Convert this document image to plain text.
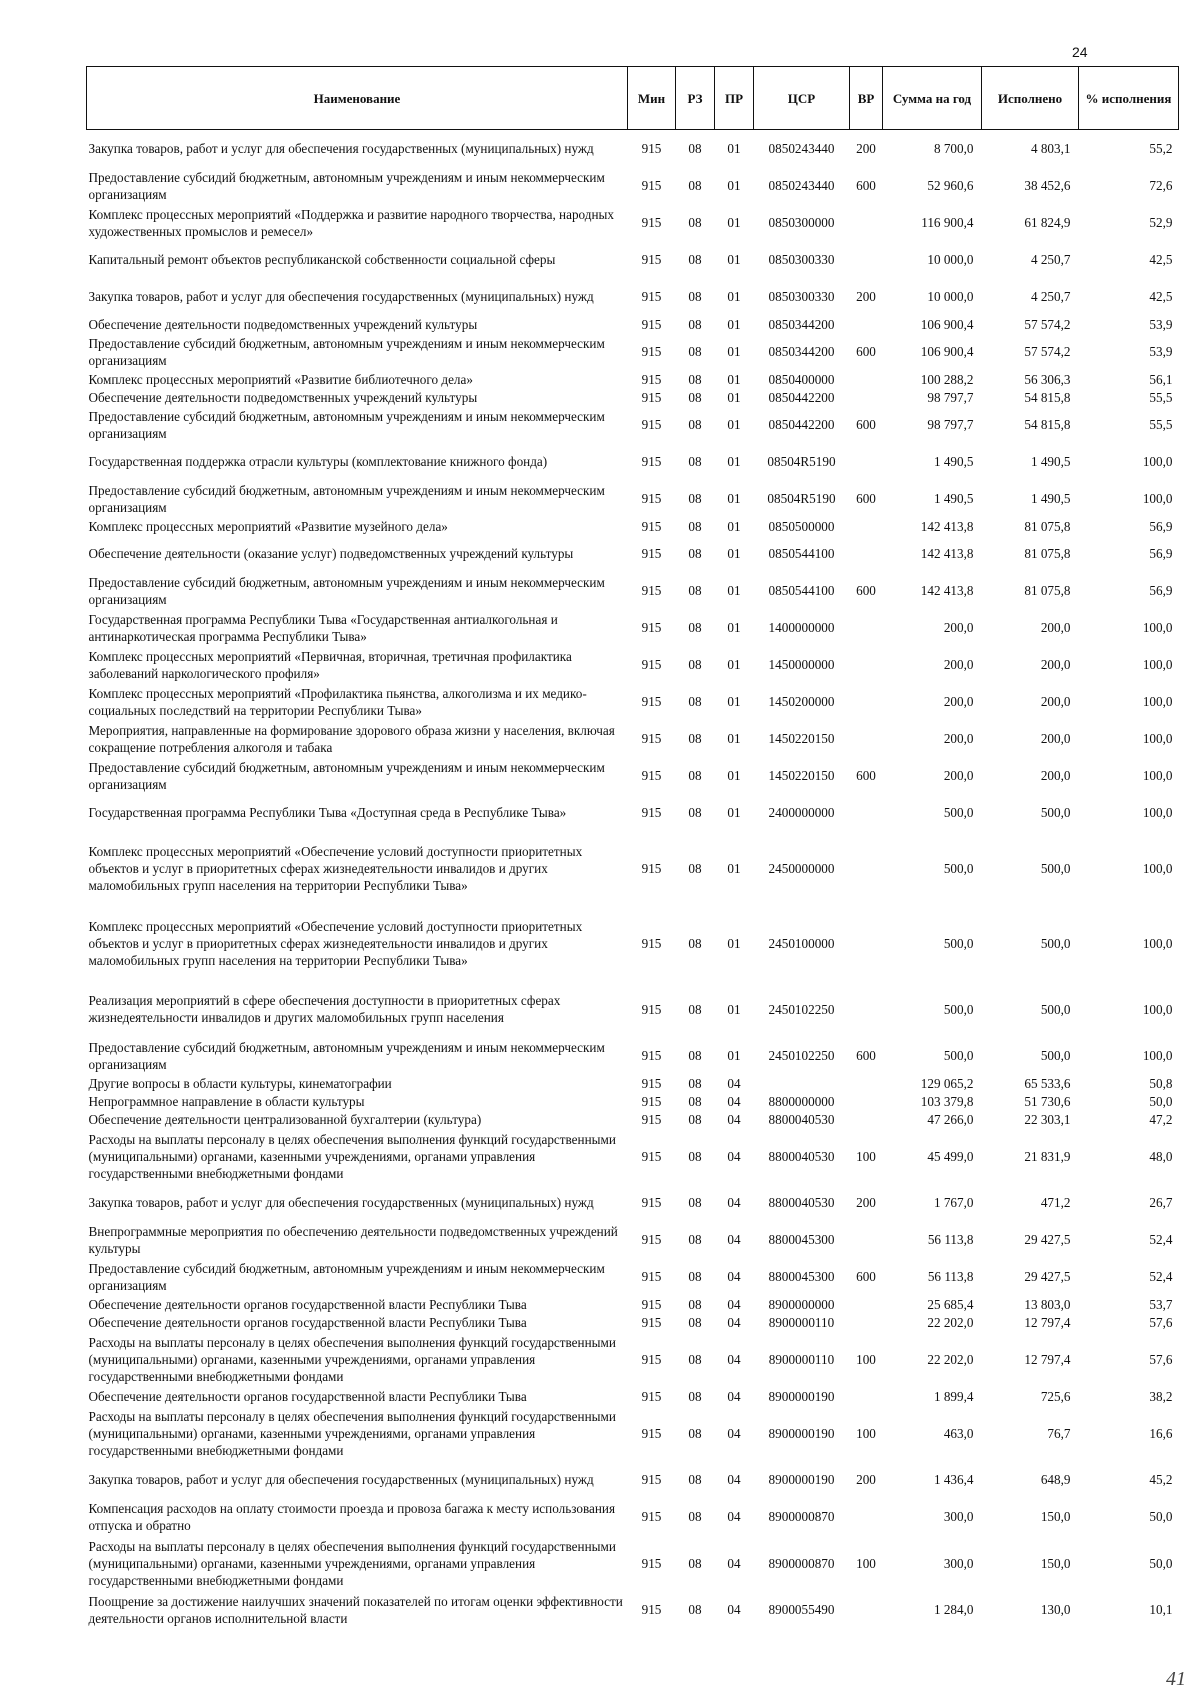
24
Наименование	Мин	РЗ	ПР	ЦСР	ВР	Сумма на год	Исполнено	% исполнения
Закупка товаров, работ и услуг для обеспечения государственных (муниципальных) нужд	915	08	01	0850243440	200	8 700,0	4 803,1	55,2
Предоставление субсидий бюджетным, автономным учреждениям и иным некоммерческим организациям	915	08	01	0850243440	600	52 960,6	38 452,6	72,6
Комплекс процессных мероприятий «Поддержка и развитие народного творчества, народных художественных промыслов и ремесел»	915	08	01	0850300000		116 900,4	61 824,9	52,9
Капитальный ремонт объектов республиканской собственности социальной сферы	915	08	01	0850300330		10 000,0	4 250,7	42,5
Закупка товаров, работ и услуг для обеспечения государственных (муниципальных) нужд	915	08	01	0850300330	200	10 000,0	4 250,7	42,5
Обеспечение деятельности подведомственных учреждений культуры	915	08	01	0850344200		106 900,4	57 574,2	53,9
Предоставление субсидий бюджетным, автономным учреждениям и иным некоммерческим организациям	915	08	01	0850344200	600	106 900,4	57 574,2	53,9
Комплекс процессных мероприятий «Развитие библиотечного дела»	915	08	01	0850400000		100 288,2	56 306,3	56,1
Обеспечение деятельности подведомственных учреждений культуры	915	08	01	0850442200		98 797,7	54 815,8	55,5
Предоставление субсидий бюджетным, автономным учреждениям и иным некоммерческим организациям	915	08	01	0850442200	600	98 797,7	54 815,8	55,5
Государственная поддержка отрасли культуры (комплектование книжного фонда)	915	08	01	08504R5190		1 490,5	1 490,5	100,0
Предоставление субсидий бюджетным, автономным учреждениям и иным некоммерческим организациям	915	08	01	08504R5190	600	1 490,5	1 490,5	100,0
Комплекс процессных мероприятий «Развитие музейного дела»	915	08	01	0850500000		142 413,8	81 075,8	56,9
Обеспечение деятельности (оказание услуг) подведомственных учреждений культуры	915	08	01	0850544100		142 413,8	81 075,8	56,9
Предоставление субсидий бюджетным, автономным учреждениям и иным некоммерческим организациям	915	08	01	0850544100	600	142 413,8	81 075,8	56,9
Государственная программа Республики Тыва «Государственная антиалкогольная и антинаркотическая программа Республики Тыва»	915	08	01	1400000000		200,0	200,0	100,0
Комплекс процессных мероприятий «Первичная, вторичная, третичная профилактика заболеваний наркологического профиля»	915	08	01	1450000000		200,0	200,0	100,0
Комплекс процессных мероприятий «Профилактика пьянства, алкоголизма и их медико-социальных последствий на территории Республики Тыва»	915	08	01	1450200000		200,0	200,0	100,0
Мероприятия, направленные на формирование здорового образа жизни у населения, включая сокращение потребления алкоголя и табака	915	08	01	1450220150		200,0	200,0	100,0
Предоставление субсидий бюджетным, автономным учреждениям и иным некоммерческим организациям	915	08	01	1450220150	600	200,0	200,0	100,0
Государственная программа Республики Тыва «Доступная среда в Республике Тыва»	915	08	01	2400000000		500,0	500,0	100,0
Комплекс процессных мероприятий «Обеспечение условий доступности приоритетных объектов и услуг в приоритетных сферах жизнедеятельности инвалидов и других маломобильных групп населения на территории Республики Тыва»	915	08	01	2450000000		500,0	500,0	100,0
Комплекс процессных мероприятий «Обеспечение условий доступности приоритетных объектов и услуг в приоритетных сферах жизнедеятельности инвалидов и других маломобильных групп населения на территории Республики Тыва»	915	08	01	2450100000		500,0	500,0	100,0
Реализация мероприятий в сфере обеспечения доступности в приоритетных сферах жизнедеятельности инвалидов и других маломобильных групп населения	915	08	01	2450102250		500,0	500,0	100,0
Предоставление субсидий бюджетным, автономным учреждениям и иным некоммерческим организациям	915	08	01	2450102250	600	500,0	500,0	100,0
Другие вопросы в области культуры, кинематографии	915	08	04			129 065,2	65 533,6	50,8
Непрограммное направление в области культуры	915	08	04	8800000000		103 379,8	51 730,6	50,0
Обеспечение деятельности централизованной бухгалтерии (культура)	915	08	04	8800040530		47 266,0	22 303,1	47,2
Расходы на выплаты персоналу в целях обеспечения выполнения функций государственными (муниципальными) органами, казенными учреждениями, органами управления государственными внебюджетными фондами	915	08	04	8800040530	100	45 499,0	21 831,9	48,0
Закупка товаров, работ и услуг для обеспечения государственных (муниципальных) нужд	915	08	04	8800040530	200	1 767,0	471,2	26,7
Внепрограммные мероприятия по обеспечению деятельности подведомственных учреждений культуры	915	08	04	8800045300		56 113,8	29 427,5	52,4
Предоставление субсидий бюджетным, автономным учреждениям и иным некоммерческим организациям	915	08	04	8800045300	600	56 113,8	29 427,5	52,4
Обеспечение деятельности органов государственной власти Республики Тыва	915	08	04	8900000000		25 685,4	13 803,0	53,7
Обеспечение деятельности органов государственной власти Республики Тыва	915	08	04	8900000110		22 202,0	12 797,4	57,6
Расходы на выплаты персоналу в целях обеспечения выполнения функций государственными (муниципальными) органами, казенными учреждениями, органами управления государственными внебюджетными фондами	915	08	04	8900000110	100	22 202,0	12 797,4	57,6
Обеспечение деятельности органов государственной власти Республики Тыва	915	08	04	8900000190		1 899,4	725,6	38,2
Расходы на выплаты персоналу в целях обеспечения выполнения функций государственными (муниципальными) органами, казенными учреждениями, органами управления государственными внебюджетными фондами	915	08	04	8900000190	100	463,0	76,7	16,6
Закупка товаров, работ и услуг для обеспечения государственных (муниципальных) нужд	915	08	04	8900000190	200	1 436,4	648,9	45,2
Компенсация расходов на оплату стоимости проезда и провоза багажа к месту использования отпуска и обратно	915	08	04	8900000870		300,0	150,0	50,0
Расходы на выплаты персоналу в целях обеспечения выполнения функций государственными (муниципальными) органами, казенными учреждениями, органами управления государственными внебюджетными фондами	915	08	04	8900000870	100	300,0	150,0	50,0
Поощрение за достижение наилучших значений показателей по итогам оценки эффективности деятельности органов исполнительной власти	915	08	04	8900055490		1 284,0	130,0	10,1
41
